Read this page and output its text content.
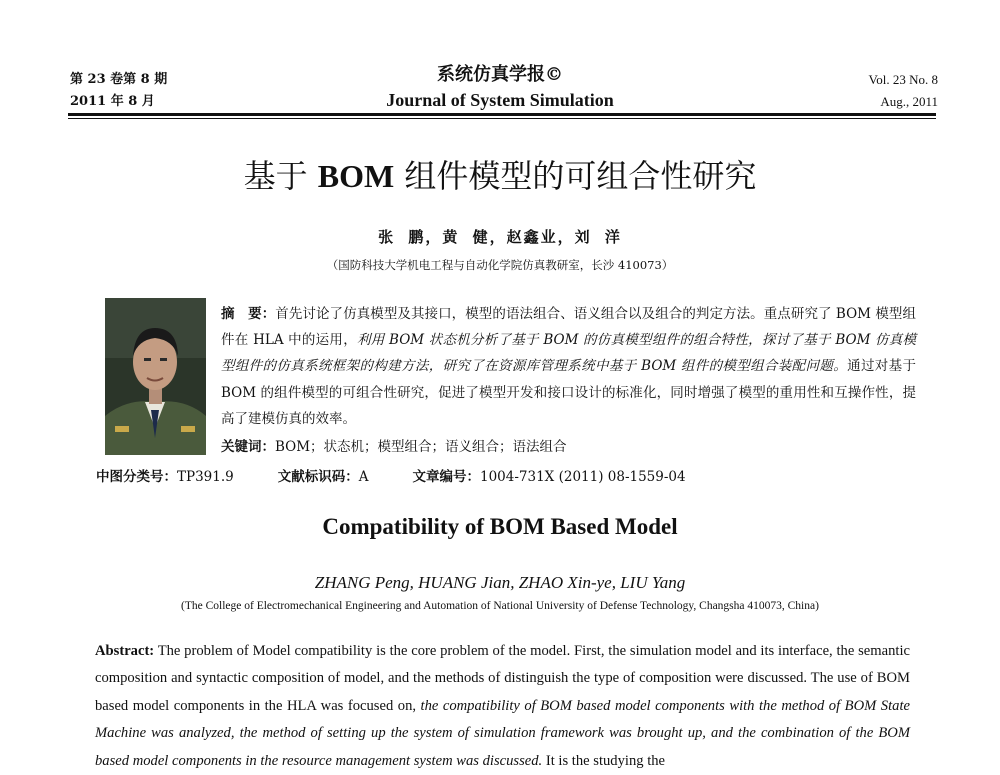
第 23 卷第 8 期
2011 年 8 月
系统仿真学报©
Journal of System Simulation
Vol. 23 No. 8
Aug., 2011
基于 BOM 组件模型的可组合性研究
张 鹏，黄 健，赵鑫业，刘 洋
（国防科技大学机电工程与自动化学院仿真教研室，长沙 410073）
摘　要：首先讨论了仿真模型及其接口，模型的语法组合、语义组合以及组合的判定方法。重点研究了 BOM 模型组件在 HLA 中的运用，利用 BOM 状态机分析了基于 BOM 的仿真模型组件的组合特性，探讨了基于 BOM 仿真模型组件的仿真系统框架的构建方法，研究了在资源库管理系统中基于 BOM 组件的模型组合装配问题。通过对基于 BOM 的组件模型的可组合性研究，促进了模型开发和接口设计的标准化，同时增强了模型的重用性和互操作性，提高了建模仿真的效率。
关键词：BOM；状态机；模型组合；语义组合；语法组合
中图分类号：TP391.9	文献标识码：A	文章编号：1004-731X (2011) 08-1559-04
Compatibility of BOM Based Model
ZHANG Peng, HUANG Jian, ZHAO Xin-ye, LIU Yang
(The College of Electromechanical Engineering and Automation of National University of Defense Technology, Changsha 410073, China)
Abstract: The problem of Model compatibility is the core problem of the model. First, the simulation model and its interface, the semantic composition and syntactic composition of model, and the methods of distinguish the type of composition were discussed. The use of BOM based model components in the HLA was focused on, the compatibility of BOM based model components with the method of BOM State Machine was analyzed, the method of setting up the system of simulation framework was brought up, and the combination of the BOM based model components in the resource management system was discussed. It is the studying the
